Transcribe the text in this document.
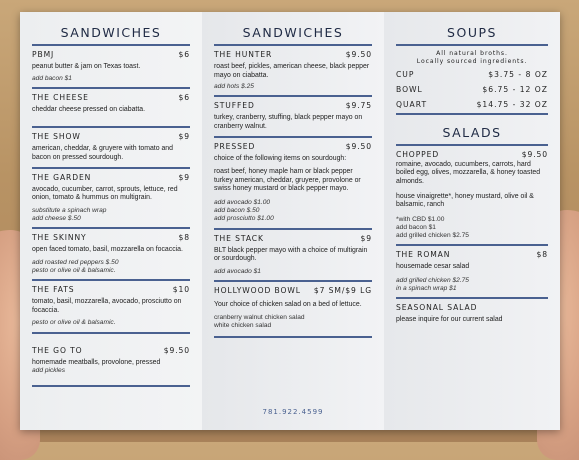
SANDWICHES
PBMJ	$6
peanut butter & jam on Texas toast.
add bacon $1
THE CHEESE	$6
cheddar cheese pressed on ciabatta.
THE SHOW	$9
american, cheddar, & gruyere with tomato and bacon on pressed sourdough.
THE GARDEN	$9
avocado, cucumber, carrot, sprouts, lettuce, red onion, tomato & hummus on multigrain.
substitute a spinach wrap
add cheese $.50
THE SKINNY	$8
open faced tomato, basil, mozzarella on focaccia.
add roasted red peppers $.50
pesto or olive oil & balsamic.
THE FATS	$10
tomato, basil, mozzarella, avocado, prosciutto on focaccia.
pesto or olive oil & balsamic.
THE GO TO	$9.50
homemade meatballs, provolone, pressed
add pickles
SANDWICHES
THE HUNTER	$9.50
roast beef, pickles, american cheese, black pepper mayo on ciabatta.
add hots $.25
STUFFED	$9.75
turkey, cranberry, stuffing, black pepper mayo on cranberry walnut.
PRESSED	$9.50
choice of the following items on sourdough:
roast beef, honey maple ham or black pepper turkey american, cheddar, gruyere, provolone or swiss honey mustard or black pepper mayo.
add avocado $1.00
add bacon $.50
add prosciutto $1.00
THE STACK	$9
BLT black pepper mayo with a choice of multigrain or sourdough.
add avocado $1
HOLLYWOOD BOWL $7 SM/$9 LG
Your choice of chicken salad on a bed of lettuce.
cranberry walnut chicken salad
white chicken salad
781.922.4599
SOUPS
All natural broths.
Locally sourced ingredients.
CUP	$3.75 - 8 OZ
BOWL	$6.75 - 12 OZ
QUART	$14.75 - 32 OZ
SALADS
CHOPPED	$9.50
romaine, avocado, cucumbers, carrots, hard boiled egg, olives, mozzarella, & honey toasted almonds.
house vinaigrette*, honey mustard, olive oil & balsamic, ranch
*with CBD $1.00
add bacon $1
add grilled chicken $2.75
THE ROMAN	$8
housemade cesar salad
add grilled chicken $2.75
in a spinach wrap $1
SEASONAL SALAD
please inquire for our current salad
